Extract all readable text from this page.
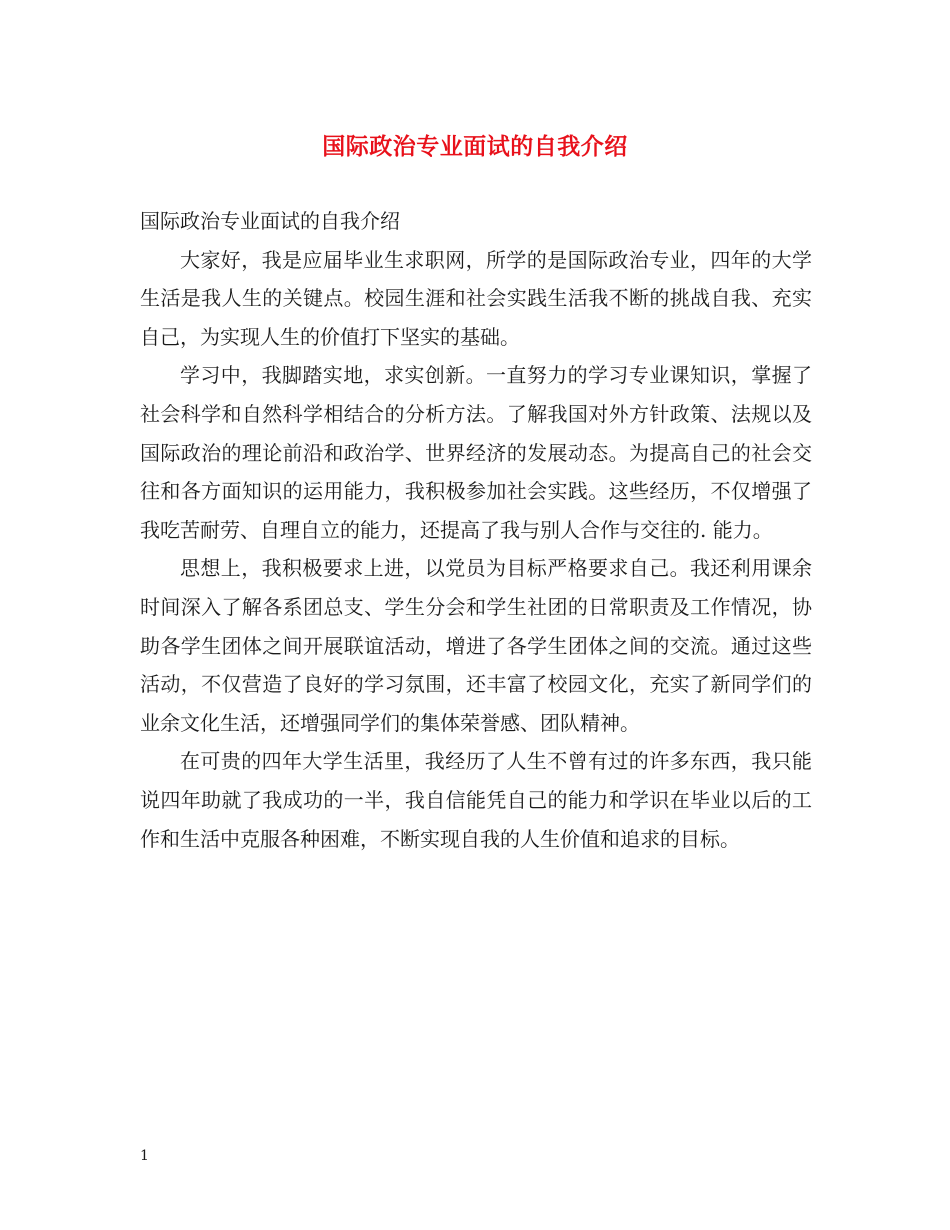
国际政治专业面试的自我介绍

国际政治专业面试的自我介绍

大家好，我是应届毕业生求职网，所学的是国际政治专业，四年的大学生活是我人生的关键点。校园生涯和社会实践生活我不断的挑战自我、充实自己，为实现人生的价值打下坚实的基础。

学习中，我脚踏实地，求实创新。一直努力的学习专业课知识，掌握了社会科学和自然科学相结合的分析方法。了解我国对外方针政策、法规以及国际政治的理论前沿和政治学、世界经济的发展动态。为提高自己的社会交往和各方面知识的运用能力，我积极参加社会实践。这些经历，不仅增强了我吃苦耐劳、自理自立的能力，还提高了我与别人合作与交往的. 能力。

思想上，我积极要求上进，以党员为目标严格要求自己。我还利用课余时间深入了解各系团总支、学生分会和学生社团的日常职责及工作情况，协助各学生团体之间开展联谊活动，增进了各学生团体之间的交流。通过这些活动，不仅营造了良好的学习氛围，还丰富了校园文化，充实了新同学们的业余文化生活，还增强同学们的集体荣誉感、团队精神。

在可贵的四年大学生活里，我经历了人生不曾有过的许多东西，我只能说四年助就了我成功的一半，我自信能凭自己的能力和学识在毕业以后的工作和生活中克服各种困难，不断实现自我的人生价值和追求的目标。

1
